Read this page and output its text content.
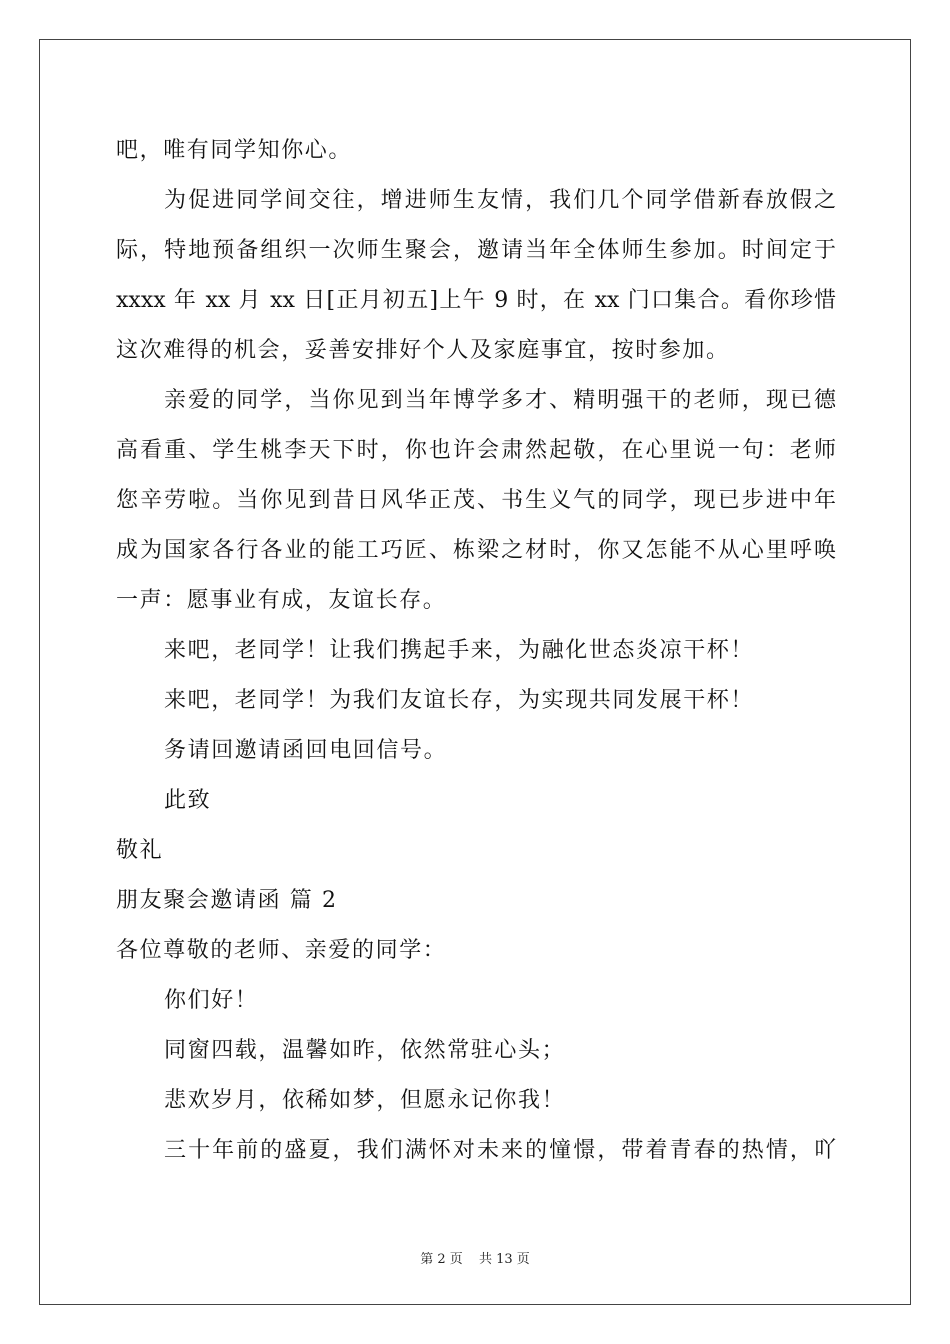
吧，唯有同学知你心。
为促进同学间交往，增进师生友情，我们几个同学借新春放假之
际，特地预备组织一次师生聚会，邀请当年全体师生参加。时间定于
xxxx 年 xx 月 xx 日[正月初五]上午 9 时，在 xx 门口集合。看你珍惜
这次难得的机会，妥善安排好个人及家庭事宜，按时参加。
亲爱的同学，当你见到当年博学多才、精明强干的老师，现已德
高看重、学生桃李天下时，你也许会肃然起敬，在心里说一句：老师
您辛劳啦。当你见到昔日风华正茂、书生义气的同学，现已步进中年
成为国家各行各业的能工巧匠、栋梁之材时，你又怎能不从心里呼唤
一声：愿事业有成，友谊长存。
来吧，老同学！让我们携起手来，为融化世态炎凉干杯！
来吧，老同学！为我们友谊长存，为实现共同发展干杯！
务请回邀请函回电回信号。
此致
敬礼
朋友聚会邀请函 篇 2
各位尊敬的老师、亲爱的同学：
你们好！
同窗四载，温馨如昨，依然常驻心头；
悲欢岁月，依稀如梦，但愿永记你我！
三十年前的盛夏，我们满怀对未来的憧憬，带着青春的热情，吖
第 2 页 共 13 页
